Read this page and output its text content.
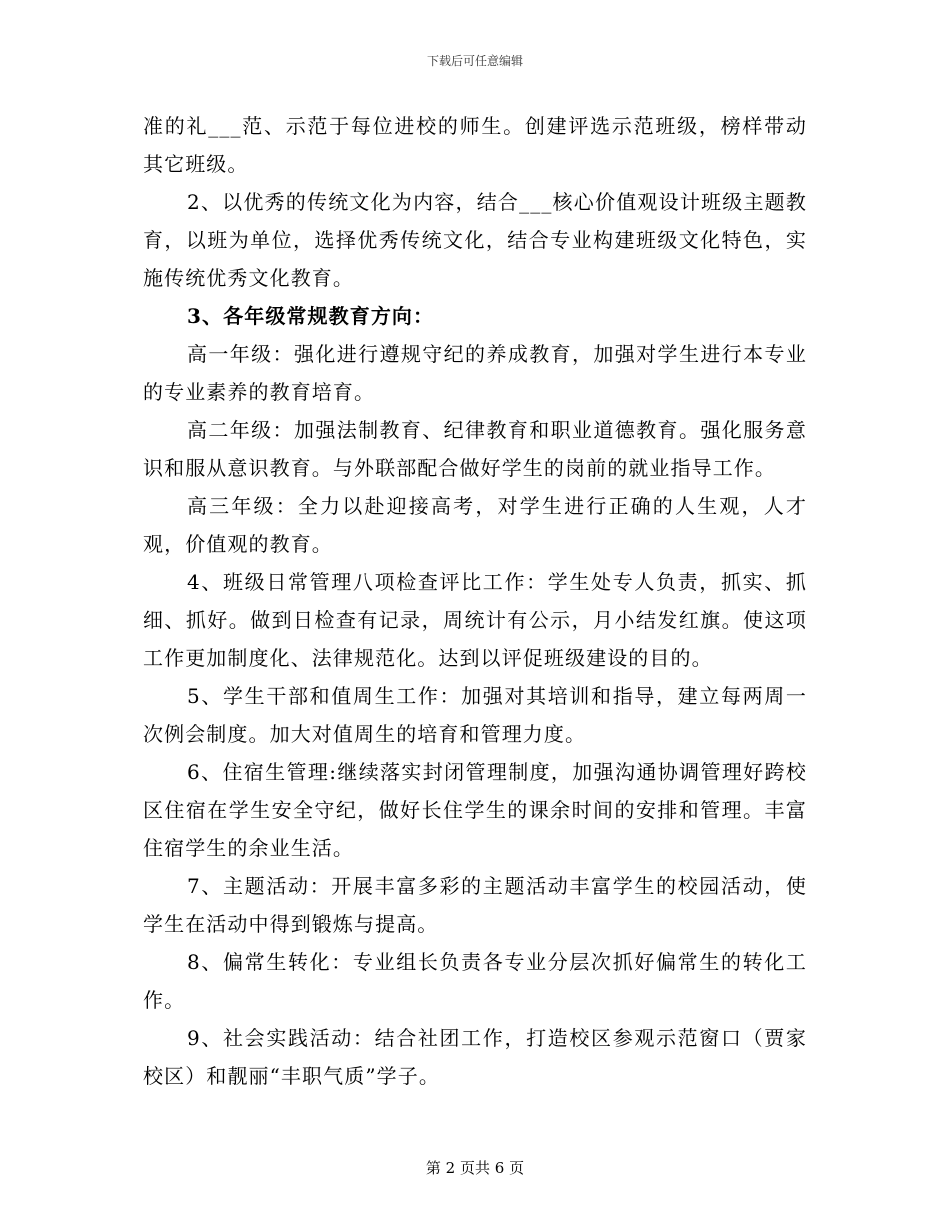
下载后可任意编辑

准的礼___范、示范于每位进校的师生。创建评选示范班级，榜样带动其它班级。

2、以优秀的传统文化为内容，结合___核心价值观设计班级主题教育，以班为单位，选择优秀传统文化，结合专业构建班级文化特色，实施传统优秀文化教育。

3、各年级常规教育方向：

高一年级：强化进行遵规守纪的养成教育，加强对学生进行本专业的专业素养的教育培育。

高二年级：加强法制教育、纪律教育和职业道德教育。强化服务意识和服从意识教育。与外联部配合做好学生的岗前的就业指导工作。

高三年级：全力以赴迎接高考，对学生进行正确的人生观，人才观，价值观的教育。

4、班级日常管理八项检查评比工作：学生处专人负责，抓实、抓细、抓好。做到日检查有记录，周统计有公示，月小结发红旗。使这项工作更加制度化、法律规范化。达到以评促班级建设的目的。

5、学生干部和值周生工作：加强对其培训和指导，建立每两周一次例会制度。加大对值周生的培育和管理力度。

6、住宿生管理:继续落实封闭管理制度，加强沟通协调管理好跨校区住宿在学生安全守纪，做好长住学生的课余时间的安排和管理。丰富住宿学生的余业生活。

7、主题活动：开展丰富多彩的主题活动丰富学生的校园活动，使学生在活动中得到锻炼与提高。

8、偏常生转化：专业组长负责各专业分层次抓好偏常生的转化工作。

9、社会实践活动：结合社团工作，打造校区参观示范窗口（贾家校区）和靓丽“丰职气质”学子。

第 2 页共 6 页
